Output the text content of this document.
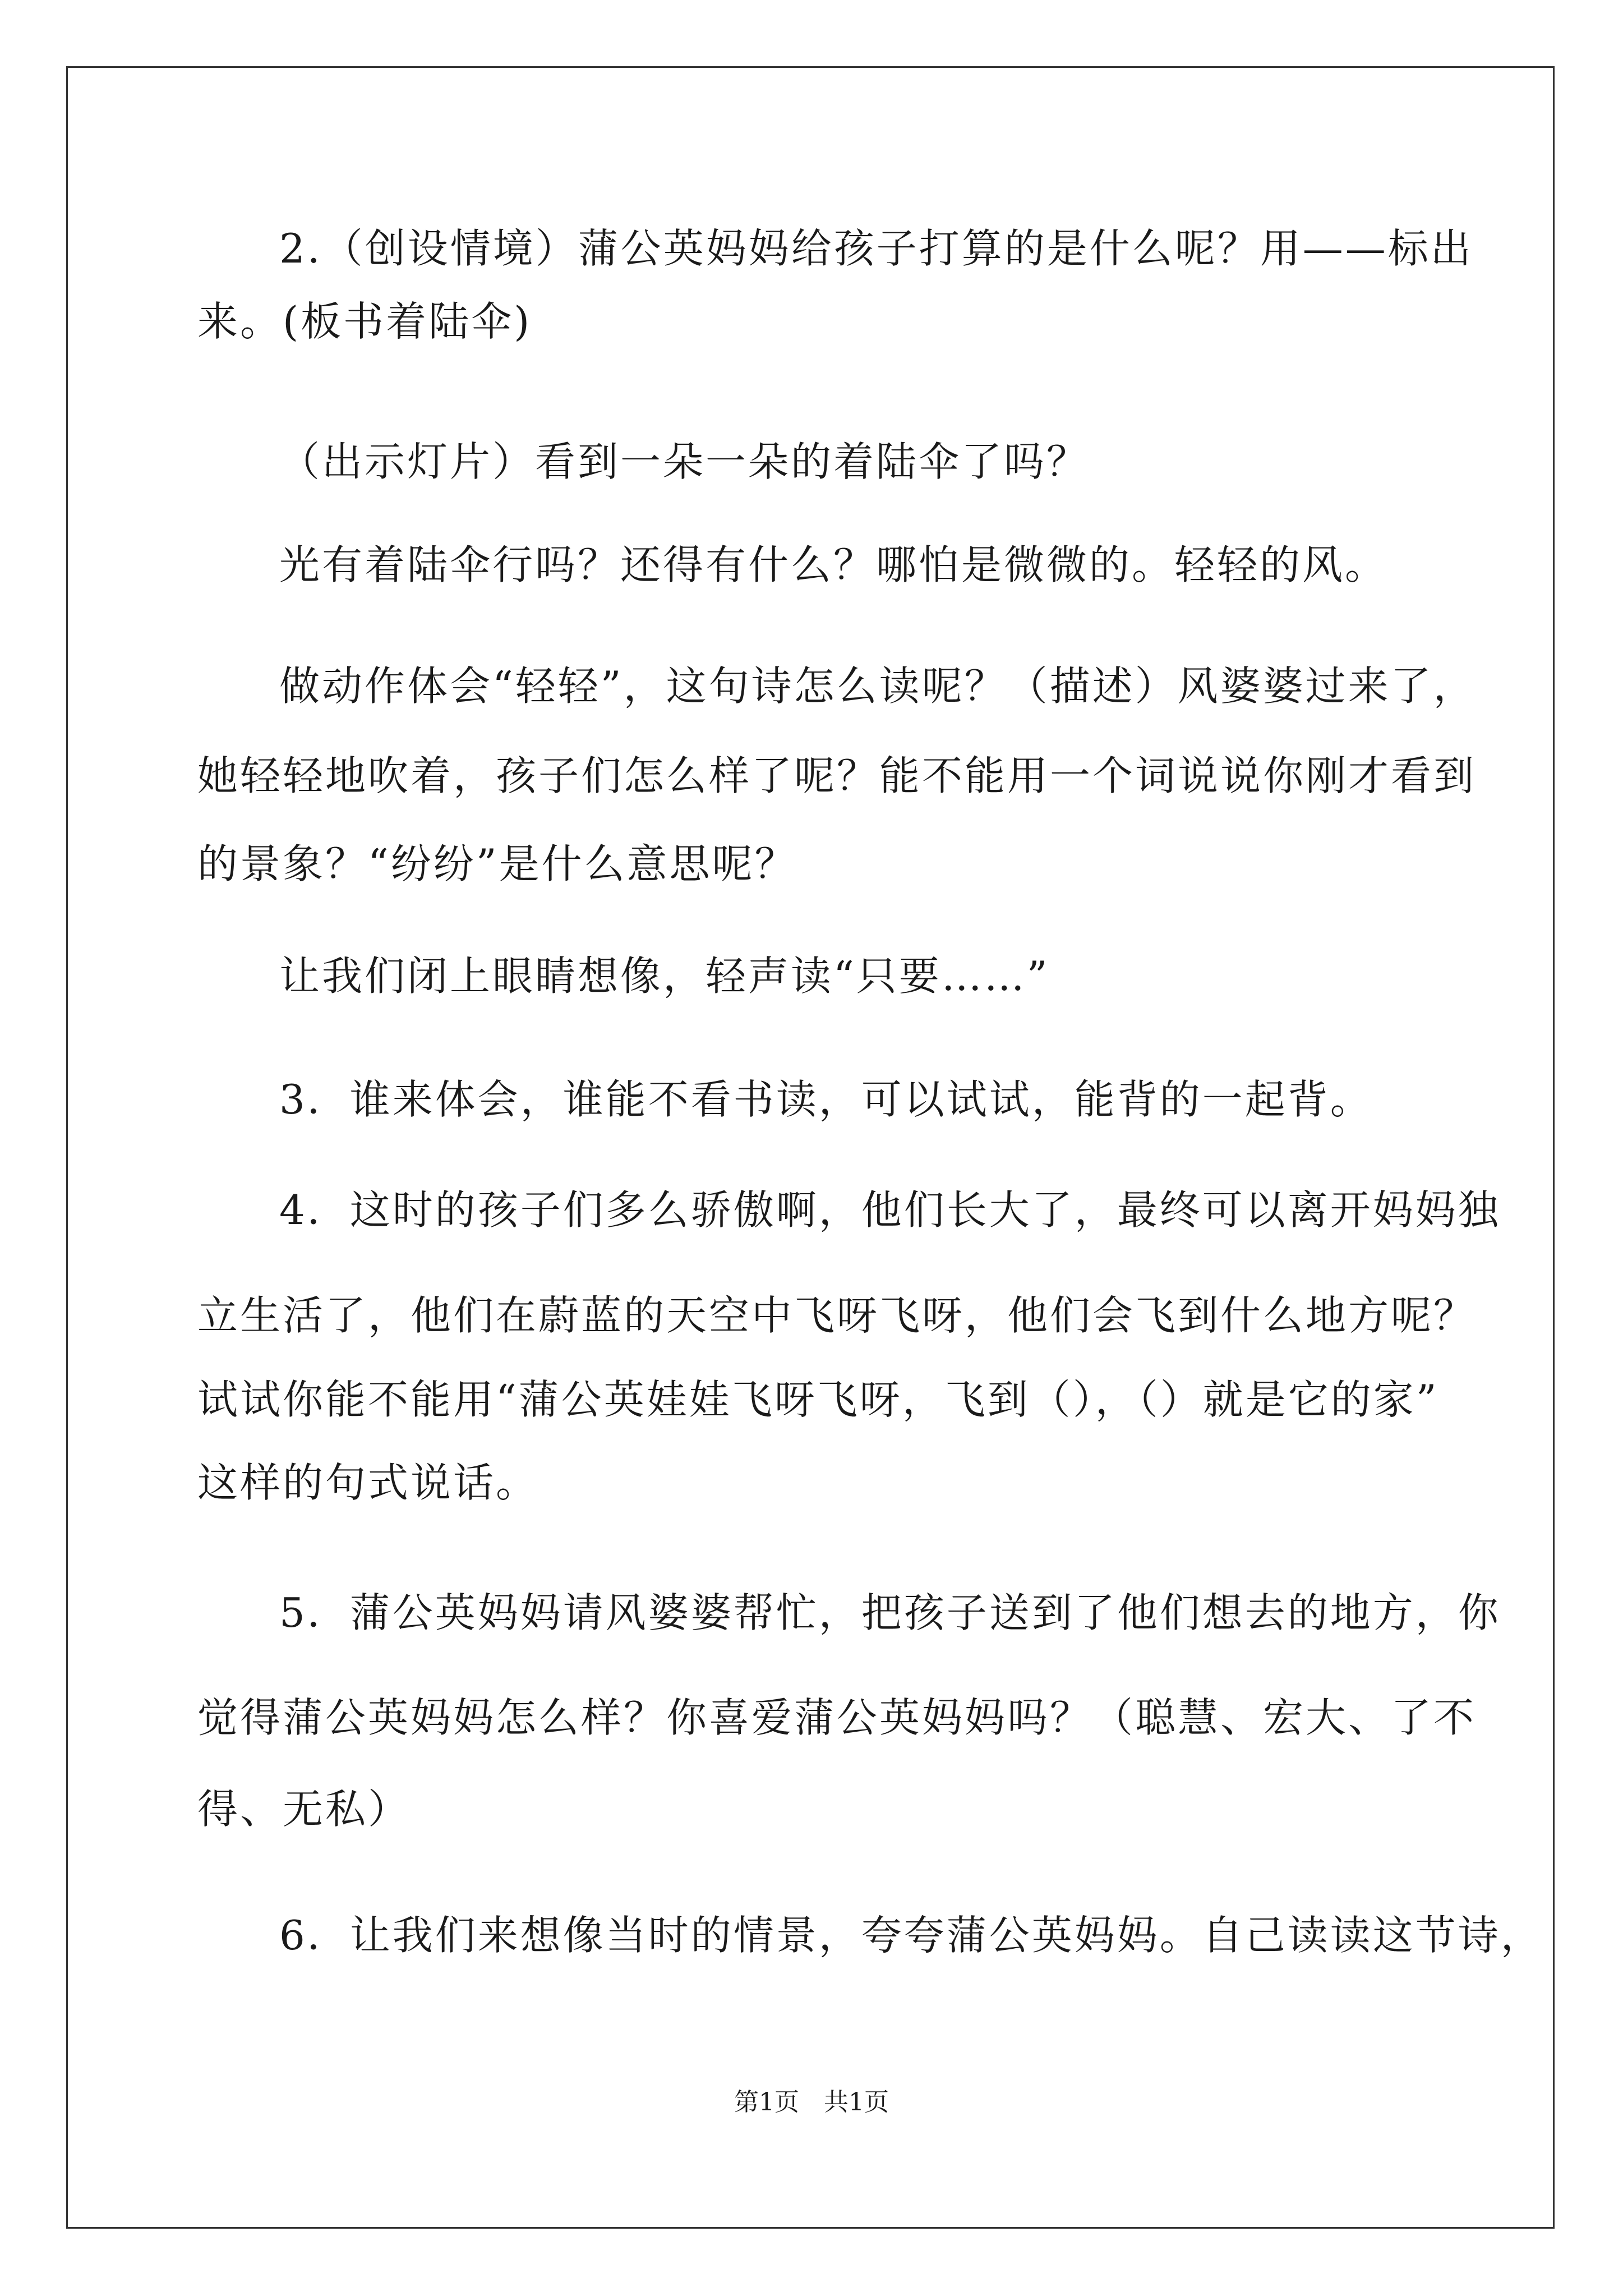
2.（创设情境）蒲公英妈妈给孩子打算的是什么呢？用——标出

来。(板书着陆伞)

（出示灯片）看到一朵一朵的着陆伞了吗？

光有着陆伞行吗？还得有什么？哪怕是微微的。轻轻的风。

做动作体会“轻轻”，这句诗怎么读呢？（描述）风婆婆过来了，

她轻轻地吹着，孩子们怎么样了呢？能不能用一个词说说你刚才看到

的景象？“纷纷”是什么意思呢？

让我们闭上眼睛想像，轻声读“只要……”

3．谁来体会，谁能不看书读，可以试试，能背的一起背。

4．这时的孩子们多么骄傲啊，他们长大了，最终可以离开妈妈独

立生活了，他们在蔚蓝的天空中飞呀飞呀，他们会飞到什么地方呢？

试试你能不能用“蒲公英娃娃飞呀飞呀，飞到（），（）就是它的家”

这样的句式说话。

5．蒲公英妈妈请风婆婆帮忙，把孩子送到了他们想去的地方，你

觉得蒲公英妈妈怎么样？你喜爱蒲公英妈妈吗？（聪慧、宏大、了不

得、无私）

6．让我们来想像当时的情景，夸夸蒲公英妈妈。自己读读这节诗，

第1页　共1页
